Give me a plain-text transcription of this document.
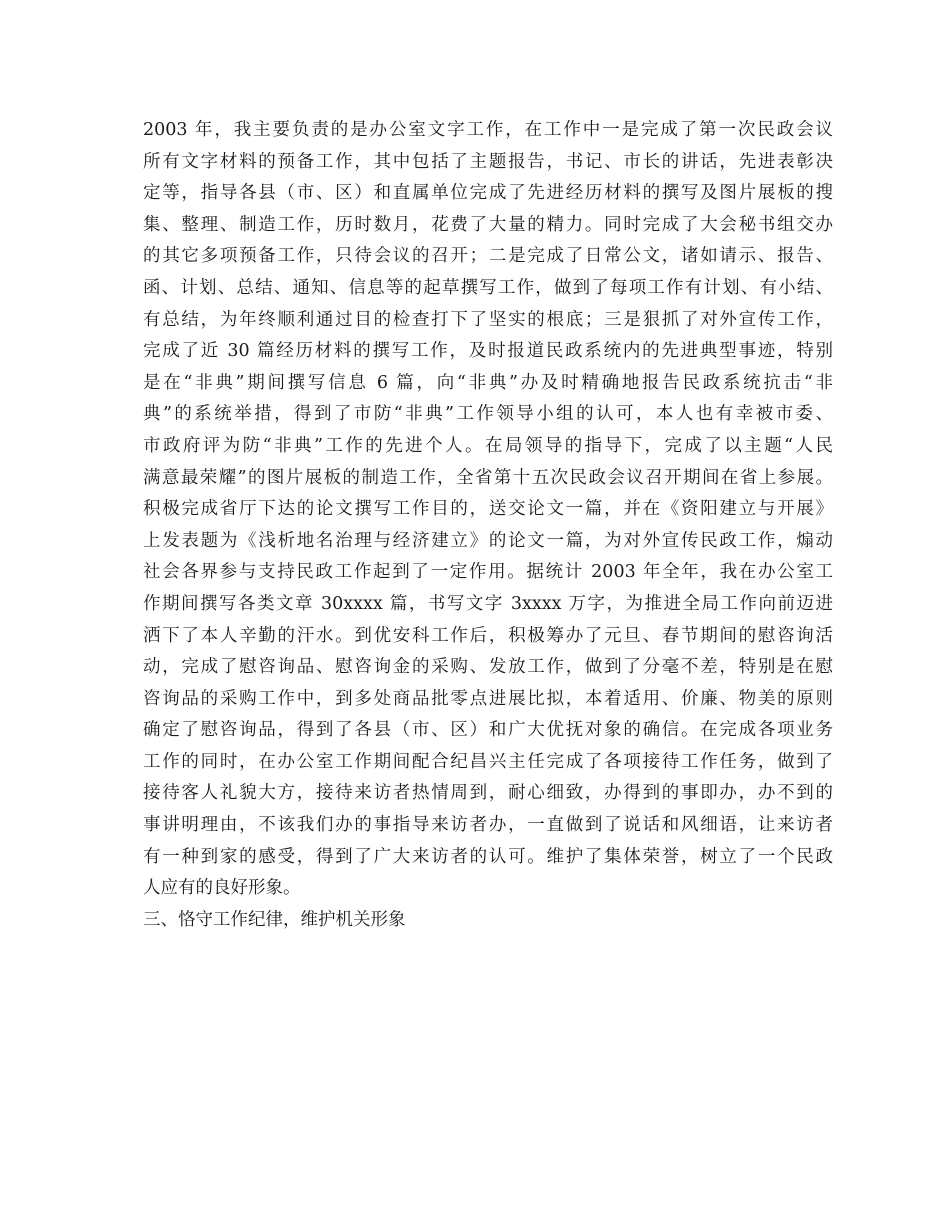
2003 年，我主要负责的是办公室文字工作，在工作中一是完成了第一次民政会议

所有文字材料的预备工作，其中包括了主题报告，书记、市长的讲话，先进表彰决

定等，指导各县（市、区）和直属单位完成了先进经历材料的撰写及图片展板的搜

集、整理、制造工作，历时数月，花费了大量的精力。同时完成了大会秘书组交办

的其它多项预备工作，只待会议的召开；二是完成了日常公文，诸如请示、报告、

函、计划、总结、通知、信息等的起草撰写工作，做到了每项工作有计划、有小结、

有总结，为年终顺利通过目的检查打下了坚实的根底；三是狠抓了对外宣传工作，

完成了近 30 篇经历材料的撰写工作，及时报道民政系统内的先进典型事迹，特别

是在“非典”期间撰写信息 6 篇，向“非典”办及时精确地报告民政系统抗击“非

典”的系统举措，得到了市防“非典”工作领导小组的认可，本人也有幸被市委、

市政府评为防“非典”工作的先进个人。在局领导的指导下，完成了以主题“人民

满意最荣耀”的图片展板的制造工作，全省第十五次民政会议召开期间在省上参展。

积极完成省厅下达的论文撰写工作目的，送交论文一篇，并在《资阳建立与开展》

上发表题为《浅析地名治理与经济建立》的论文一篇，为对外宣传民政工作，煽动

社会各界参与支持民政工作起到了一定作用。据统计 2003 年全年，我在办公室工

作期间撰写各类文章 30xxxx 篇，书写文字 3xxxx 万字，为推进全局工作向前迈进

洒下了本人辛勤的汗水。到优安科工作后，积极筹办了元旦、春节期间的慰咨询活

动，完成了慰咨询品、慰咨询金的采购、发放工作，做到了分毫不差，特别是在慰

咨询品的采购工作中，到多处商品批零点进展比拟，本着适用、价廉、物美的原则

确定了慰咨询品，得到了各县（市、区）和广大优抚对象的确信。在完成各项业务

工作的同时，在办公室工作期间配合纪昌兴主任完成了各项接待工作任务，做到了

接待客人礼貌大方，接待来访者热情周到，耐心细致，办得到的事即办，办不到的

事讲明理由，不该我们办的事指导来访者办，一直做到了说话和风细语，让来访者

有一种到家的感受，得到了广大来访者的认可。维护了集体荣誉，树立了一个民政

人应有的良好形象。

三、恪守工作纪律，维护机关形象
